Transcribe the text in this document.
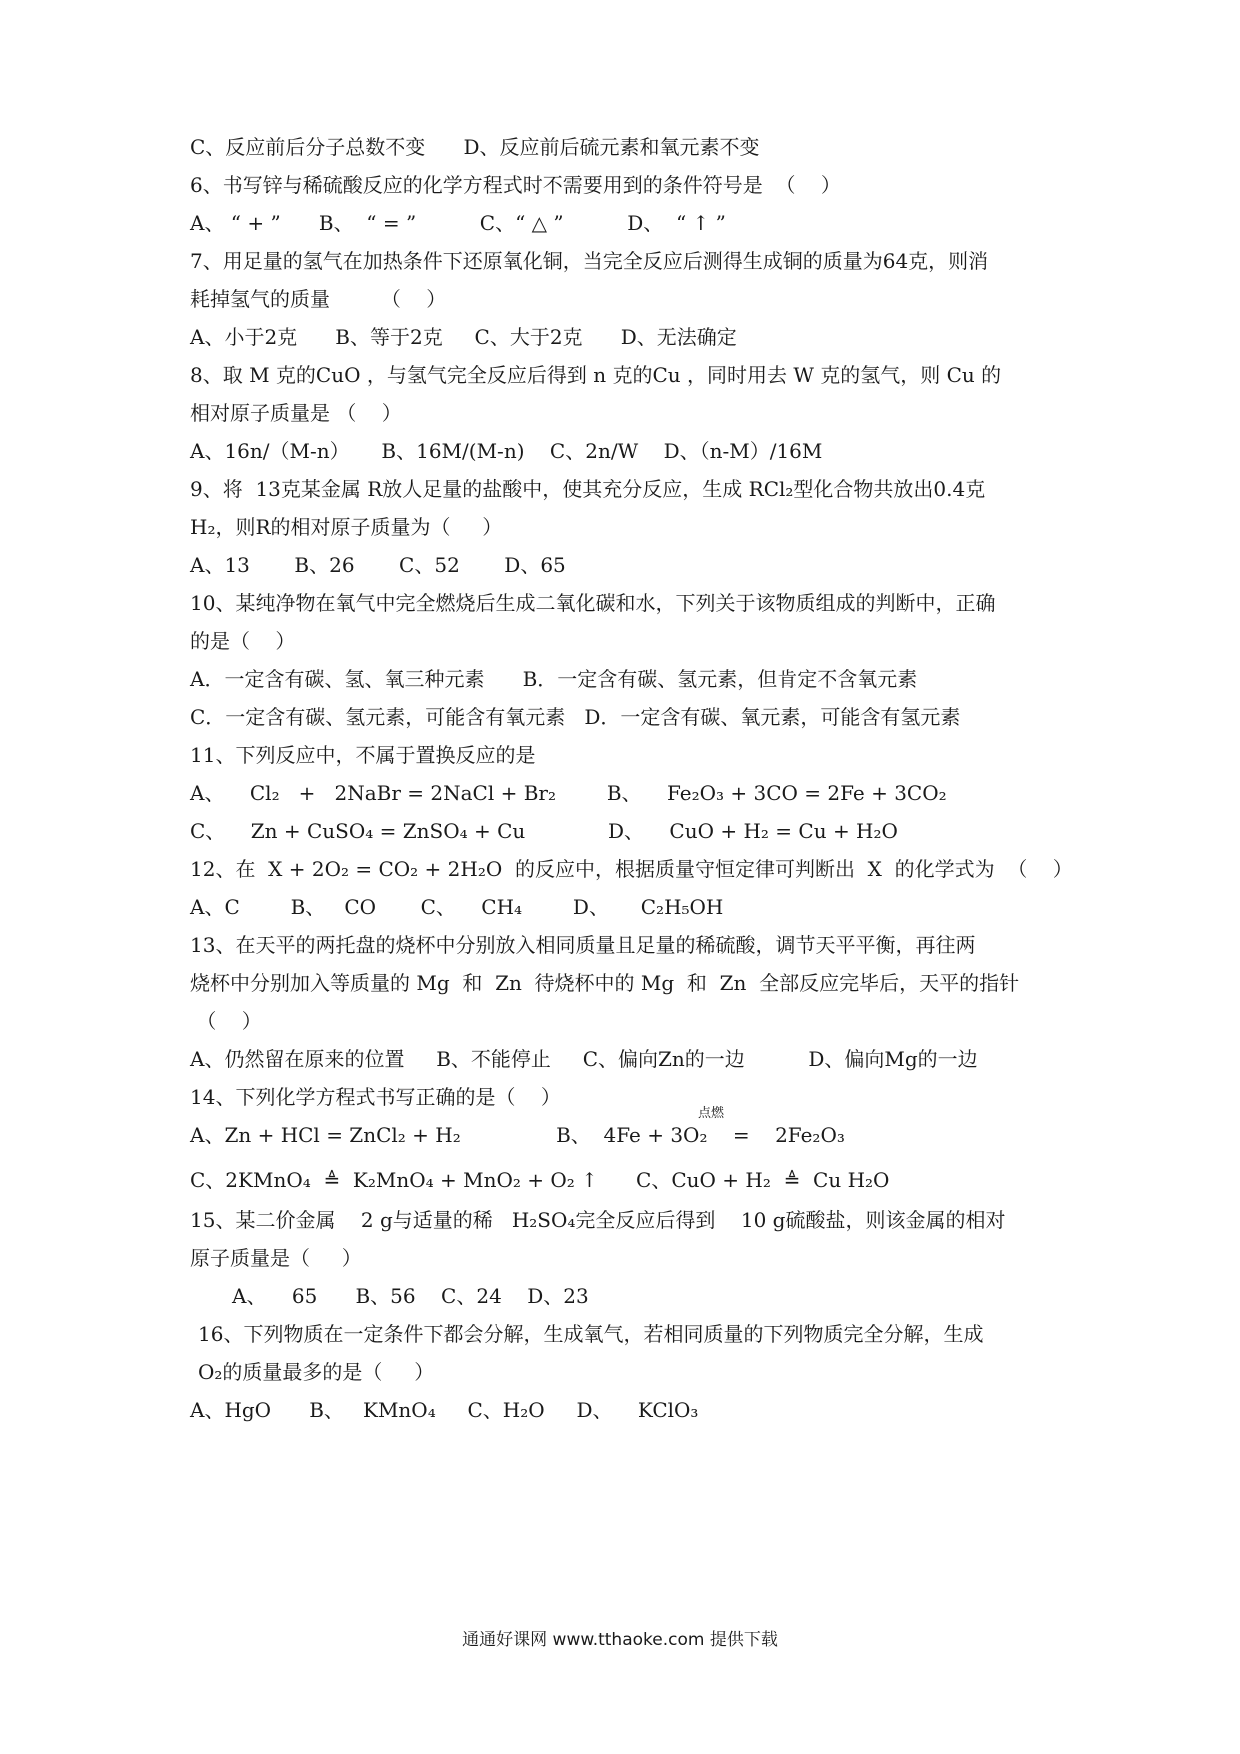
C、反应前后分子总数不变      D、反应前后硫元素和氧元素不变
6、书写锌与稀硫酸反应的化学方程式时不需要用到的条件符号是  （    ）
A、 “ + ”      B、  “ = ”          C、“ △ ”          D、  “ ↑ ”
7、用足量的氢气在加热条件下还原氧化铜，当完全反应后测得生成铜的质量为64克，则消
耗掉氢气的质量        （    ）
A、小于2克      B、等于2克     C、大于2克      D、无法确定
8、取 M 克的CuO ，与氢气完全反应后得到 n 克的Cu ，同时用去 W 克的氢气，则 Cu 的
相对原子质量是 （    ）
A、16n/（M-n）     B、16M/(M-n)    C、2n/W    D、（n-M）/16M
9、将  13克某金属 R放人足量的盐酸中，使其充分反应，生成 RCl₂型化合物共放出0.4克
H₂，则R的相对原子质量为（     ）
A、13       B、26       C、52       D、65
10、某纯净物在氧气中完全燃烧后生成二氧化碳和水，下列关于该物质组成的判断中，正确
的是（    ）
A．一定含有碳、氢、氧三种元素      B．一定含有碳、氢元素，但肯定不含氧元素
C．一定含有碳、氢元素，可能含有氧元素   D．一定含有碳、氧元素，可能含有氢元素
11、下列反应中，不属于置换反应的是
A、    Cl₂   +   2NaBr = 2NaCl + Br₂        B、    Fe₂O₃ + 3CO = 2Fe + 3CO₂
C、    Zn + CuSO₄ = ZnSO₄ + Cu             D、    CuO + H₂ = Cu + H₂O
12、在  X + 2O₂ = CO₂ + 2H₂O  的反应中，根据质量守恒定律可判断出  X  的化学式为  （    ）
A、C        B、   CO       C、    CH₄        D、     C₂H₅OH
13、在天平的两托盘的烧杯中分别放入相同质量且足量的稀硫酸，调节天平平衡，再往两
烧杯中分别加入等质量的 Mg  和  Zn  待烧杯中的 Mg  和  Zn  全部反应完毕后，天平的指针
（    ）
A、仍然留在原来的位置     B、不能停止     C、偏向Zn的一边          D、偏向Mg的一边
14、下列化学方程式书写正确的是（    ）
点燃
A、Zn + HCl = ZnCl₂ + H₂               B、  4Fe + 3O₂    =    2Fe₂O₃
C、2KMnO₄  ≜  K₂MnO₄ + MnO₂ + O₂ ↑      C、CuO + H₂  ≜  Cu H₂O
15、某二价金属    2 g与适量的稀   H₂SO₄完全反应后得到    10 g硫酸盐，则该金属的相对
原子质量是（     ）
A、    65      B、56    C、24    D、23
16、下列物质在一定条件下都会分解，生成氧气，若相同质量的下列物质完全分解，生成
O₂的质量最多的是（     ）
A、HgO      B、   KMnO₄     C、H₂O     D、    KClO₃
通通好课网 www.tthaoke.com 提供下载
